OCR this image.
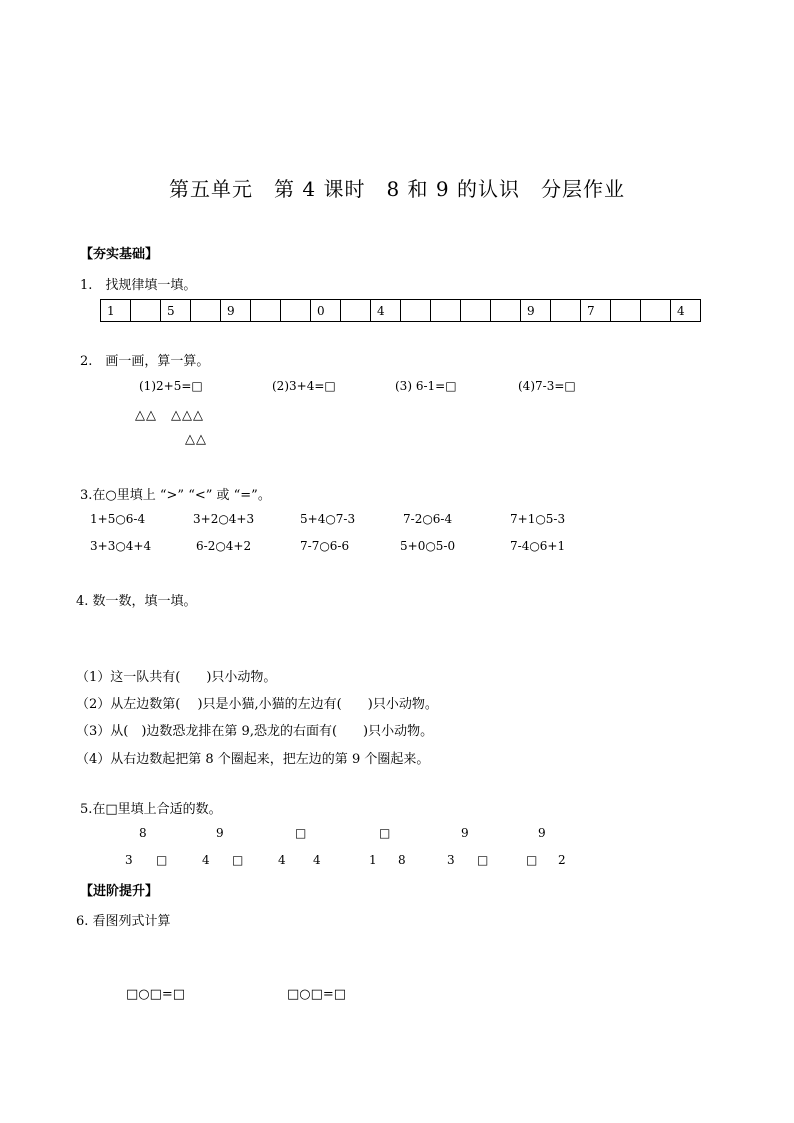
第五单元　第 4 课时　8 和 9 的认识　分层作业
【夯实基础】
1.　找规律填一填。
1		5		9			0		4					9		7			4
2.　画一画，算一算。
(1)2+5=□	(2)3+4=□	(3) 6-1=□	(4)7-3=□
△△　△△△
△△
3.在○里填上 “>” “<” 或 “=”。
1+5○6-4	3+2○4+3	5+4○7-3	7-2○6-4	7+1○5-3
3+3○4+4	6-2○4+2	7-7○6-6	5+0○5-0	7-4○6+1
4. 数一数，填一填。
（1）这一队共有(　　)只小动物。
（2）从左边数第(　 )只是小猫,小猫的左边有(　　)只小动物。
（3）从(　)边数恐龙排在第 9,恐龙的右面有(　　)只小动物。
（4）从右边数起把第 8 个圈起来，把左边的第 9 个圈起来。
5.在□里填上合适的数。
8	9	□	□	9	9
3 □	4 □	4 4	1 8	3 □	□ 2
【进阶提升】
6. 看图列式计算
□○□=□	□○□=□
